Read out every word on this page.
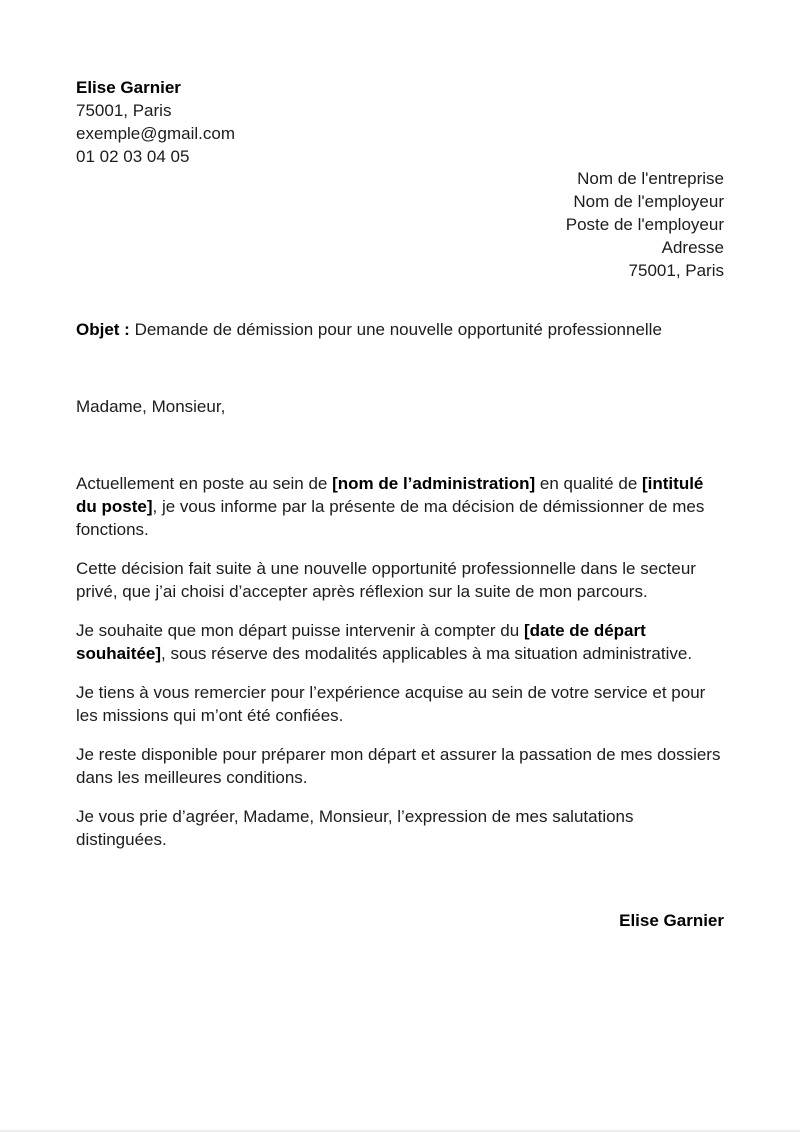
Elise Garnier
75001, Paris
exemple@gmail.com
01 02 03 04 05
Nom de l'entreprise
Nom de l'employeur
Poste de l'employeur
Adresse
75001, Paris
Objet : Demande de démission pour une nouvelle opportunité professionnelle
Madame, Monsieur,

Actuellement en poste au sein de [nom de l’administration] en qualité de [intitulé du poste], je vous informe par la présente de ma décision de démissionner de mes fonctions.

Cette décision fait suite à une nouvelle opportunité professionnelle dans le secteur privé, que j’ai choisi d’accepter après réflexion sur la suite de mon parcours.

Je souhaite que mon départ puisse intervenir à compter du [date de départ souhaitée], sous réserve des modalités applicables à ma situation administrative.

Je tiens à vous remercier pour l’expérience acquise au sein de votre service et pour les missions qui m’ont été confiées.

Je reste disponible pour préparer mon départ et assurer la passation de mes dossiers dans les meilleures conditions.

Je vous prie d’agréer, Madame, Monsieur, l’expression de mes salutations distinguées.

Elise Garnier
